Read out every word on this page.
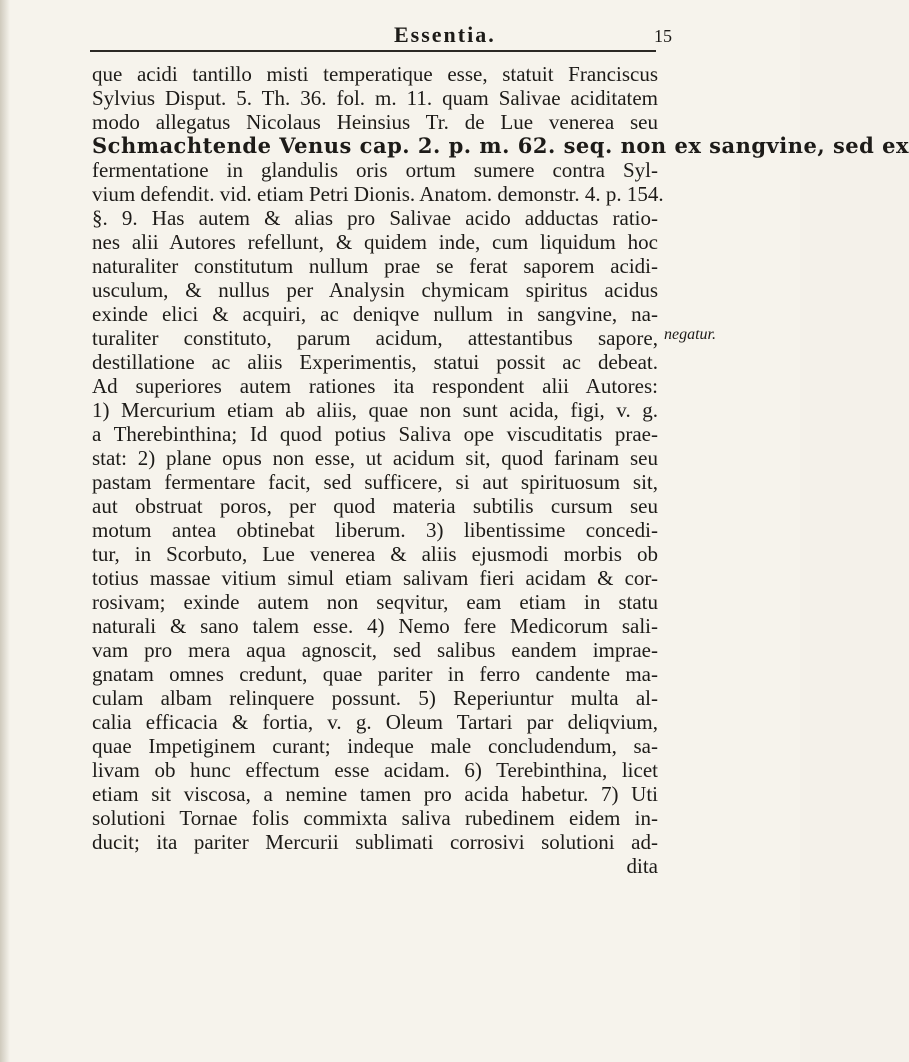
Essentia.	15
que acidi tantillo misti temperatique esse, statuit Franciscus
Sylvius Disput. 5. Th. 36. fol. m. 11. quam Salivae aciditatem
modo allegatus Nicolaus Heinsius Tr. de Lue venerea seu
Schmachtende Venus cap. 2. p. m. 62. seq. non ex sangvine, sed ex
fermentatione in glandulis oris ortum sumere contra Syl-
vium defendit. vid. etiam Petri Dionis. Anatom. demonstr. 4. p. 154.
§. 9. Has autem & alias pro Salivae acido adductas ratio-
nes alii Autores refellunt, & quidem inde, cum liquidum hoc
naturaliter constitutum nullum prae se ferat saporem acidi-
usculum, & nullus per Analysin chymicam spiritus acidus
exinde elici & acquiri, ac deniqve nullum in sangvine, na-
turaliter constituto, parum acidum, attestantibus sapore,
destillatione ac aliis Experimentis, statui possit ac debeat.
Ad superiores autem rationes ita respondent alii Autores:
1) Mercurium etiam ab aliis, quae non sunt acida, figi, v. g.
a Therebinthina; Id quod potius Saliva ope viscuditatis prae-
stat: 2) plane opus non esse, ut acidum sit, quod farinam seu
pastam fermentare facit, sed sufficere, si aut spirituosum sit,
aut obstruat poros, per quod materia subtilis cursum seu
motum antea obtinebat liberum. 3) libentissime concedi-
tur, in Scorbuto, Lue venerea & aliis ejusmodi morbis ob
totius massae vitium simul etiam salivam fieri acidam & cor-
rosivam; exinde autem non seqvitur, eam etiam in statu
naturali & sano talem esse. 4) Nemo fere Medicorum sali-
vam pro mera aqua agnoscit, sed salibus eandem imprae-
gnatam omnes credunt, quae pariter in ferro candente ma-
culam albam relinquere possunt. 5) Reperiuntur multa al-
calia efficacia & fortia, v. g. Oleum Tartari par deliqvium,
quae Impetiginem curant; indeque male concludendum, sa-
livam ob hunc effectum esse acidam. 6) Terebinthina, licet
etiam sit viscosa, a nemine tamen pro acida habetur. 7) Uti
solutioni Tornae folis commixta saliva rubedinem eidem in-
ducit; ita pariter Mercurii sublimati corrosivi solutioni ad-
dita
negatur.
